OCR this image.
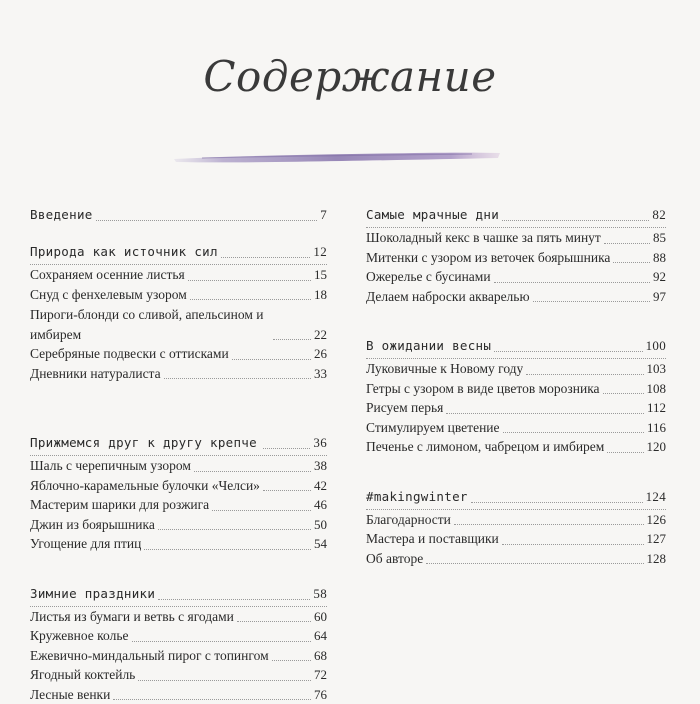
Содержание
Введение	7
Природа как источник сил	12
Сохраняем осенние листья	15
Снуд с фенхелевым узором	18
Пироги-блонди со сливой, апельсином и имбирем	22
Серебряные подвески с оттисками	26
Дневники натуралиста	33
Прижмемся друг к другу крепче	36
Шаль с черепичным узором	38
Яблочно-карамельные булочки «Челси»	42
Мастерим шарики для розжига	46
Джин из боярышника	50
Угощение для птиц	54
Зимние праздники	58
Листья из бумаги и ветвь с ягодами	60
Кружевное колье	64
Ежевично-миндальный пирог с топингом	68
Ягодный коктейль	72
Лесные венки	76
Самые мрачные дни	82
Шоколадный кекс в чашке за пять минут	85
Митенки с узором из веточек боярышника	88
Ожерелье с бусинами	92
Делаем наброски акварелью	97
В ожидании весны	100
Луковичные к Новому году	103
Гетры с узором в виде цветов морозника	108
Рисуем перья	112
Стимулируем цветение	116
Печенье с лимоном, чабрецом и имбирем	120
#makingwinter	124
Благодарности	126
Мастера и поставщики	127
Об авторе	128
